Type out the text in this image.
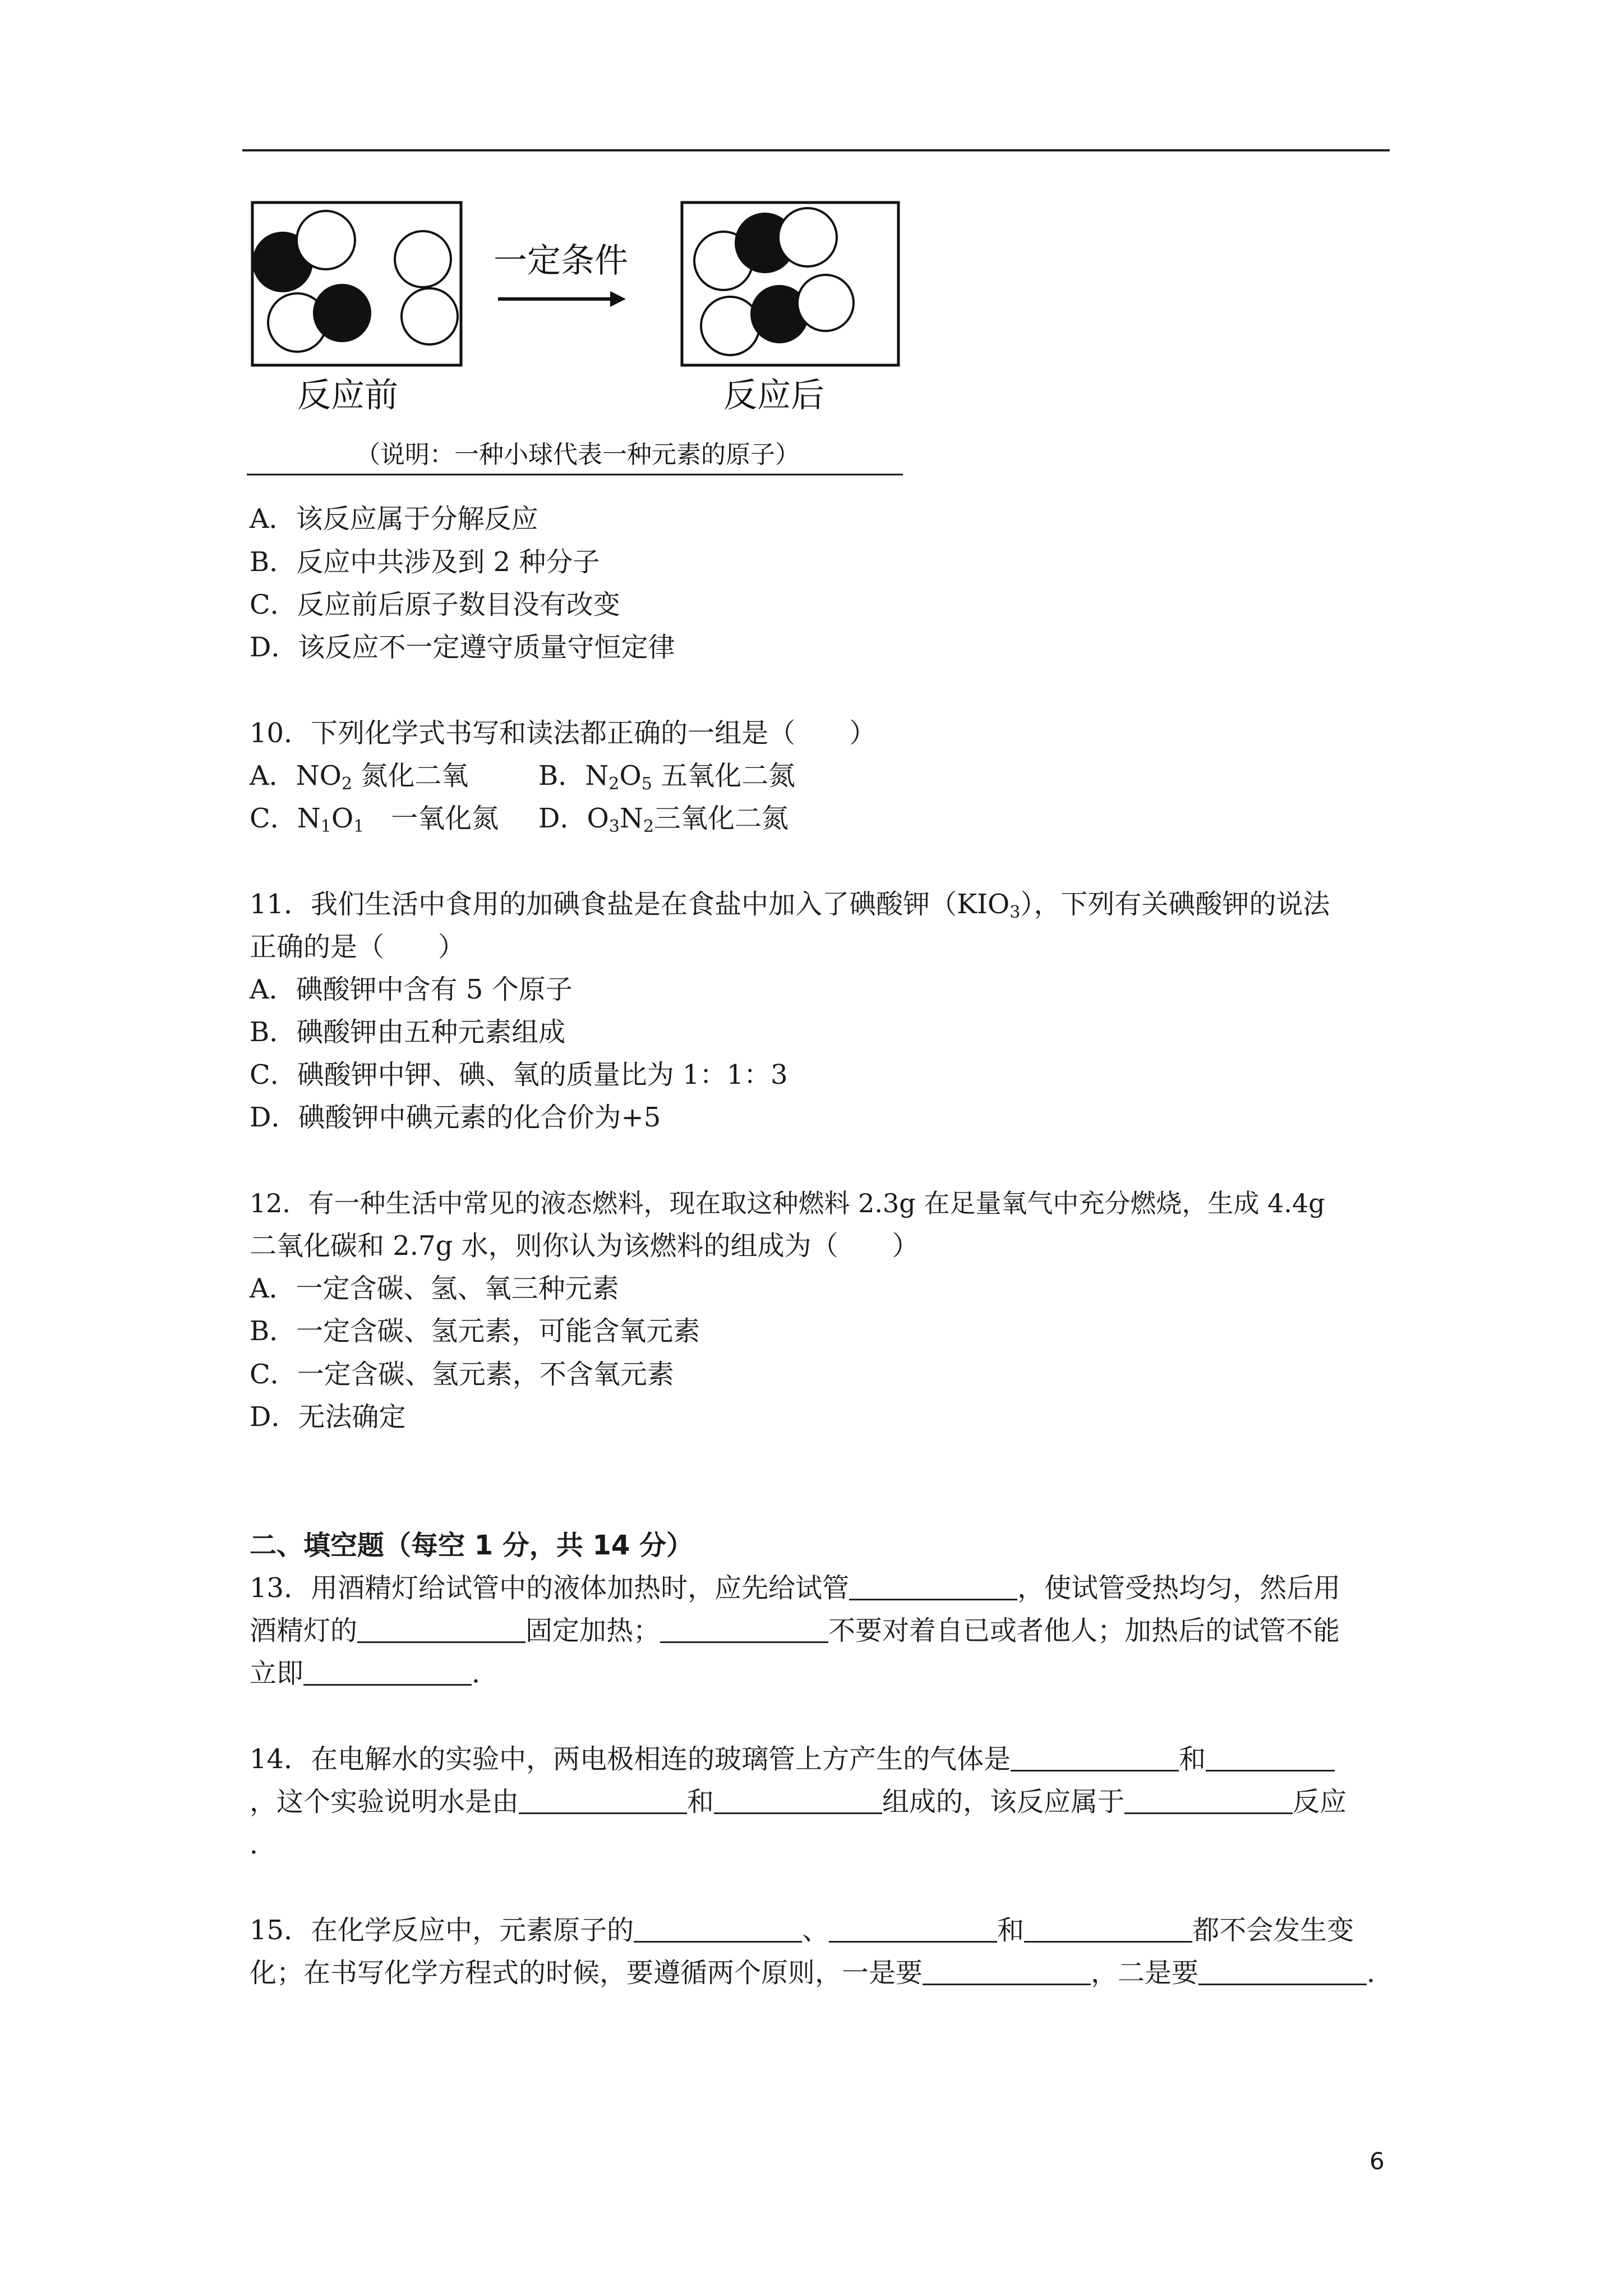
一定条件
反应前	反应后
（说明：一种小球代表一种元素的原子）
A．该反应属于分解反应
B．反应中共涉及到 2 种分子
C．反应前后原子数目没有改变
D．该反应不一定遵守质量守恒定律
10．下列化学式书写和读法都正确的一组是（　　）
A．$NO_2$ 氮化二氧	B．$N_2O_5$ 五氧化二氮
C．$N_1O_1$　一氧化氮 D．$O_3N_2$三氧化二氮
11．我们生活中食用的加碘食盐是在食盐中加入了碘酸钾$(KIO_3)$，下列有关碘酸钾的说法
正确的是（　　）
A．碘酸钾中含有 5 个原子
B．碘酸钾由五种元素组成
C．碘酸钾中钾、碘、氧的质量比为 1：1：3
D．碘酸钾中碘元素的化合价为+5
12．有一种生活中常见的液态燃料，现在取这种燃料 2.3g 在足量氧气中充分燃烧，生成 4.4g
二氧化碳和 2.7g 水，则你认为该燃料的组成为（　　）
A．一定含碳、氢、氧三种元素
B．一定含碳、氢元素，可能含氧元素
C．一定含碳、氢元素，不含氧元素
D．无法确定
二、填空题（每空 1 分，共 14 分）
13．用酒精灯给试管中的液体加热时，应先给试管	，使试管受热均匀，然后用
酒精灯的	固定加热；	不要对着自已或者他人；加热后的试管不能
立即	．
14．在电解水的实验中，两电极相连的玻璃管上方产生的气体是	和
，这个实验说明水是由	和	组成的，该反应属于	反应
．
15．在化学反应中，元素原子的	、	和	都不会发生变
化；在书写化学方程式的时候，要遵循两个原则，一是要	，二是要	．
6
